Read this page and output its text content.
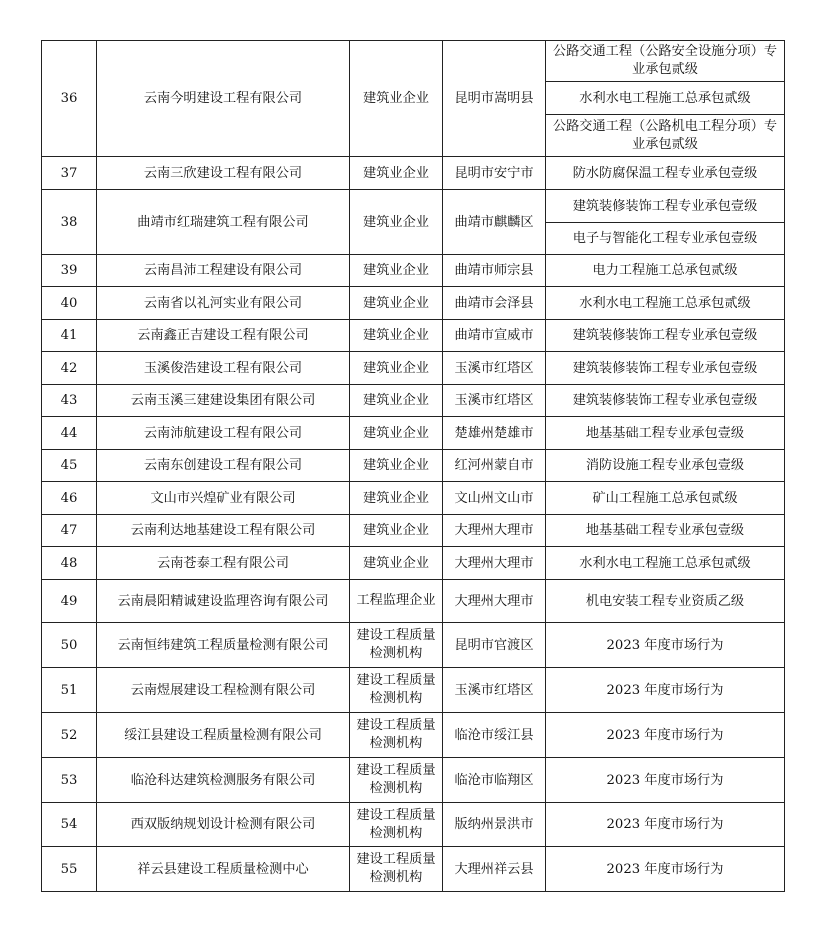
36	云南今明建设工程有限公司	建筑业企业	昆明市嵩明县	公路交通工程（公路安全设施分项）专业承包贰级
				水利水电工程施工总承包贰级
				公路交通工程（公路机电工程分项）专业承包贰级
37	云南三欣建设工程有限公司	建筑业企业	昆明市安宁市	防水防腐保温工程专业承包壹级
38	曲靖市红瑞建筑工程有限公司	建筑业企业	曲靖市麒麟区	建筑装修装饰工程专业承包壹级
				电子与智能化工程专业承包壹级
39	云南昌沛工程建设有限公司	建筑业企业	曲靖市师宗县	电力工程施工总承包贰级
40	云南省以礼河实业有限公司	建筑业企业	曲靖市会泽县	水利水电工程施工总承包贰级
41	云南鑫正吉建设工程有限公司	建筑业企业	曲靖市宣威市	建筑装修装饰工程专业承包壹级
42	玉溪俊浩建设工程有限公司	建筑业企业	玉溪市红塔区	建筑装修装饰工程专业承包壹级
43	云南玉溪三建建设集团有限公司	建筑业企业	玉溪市红塔区	建筑装修装饰工程专业承包壹级
44	云南沛航建设工程有限公司	建筑业企业	楚雄州楚雄市	地基基础工程专业承包壹级
45	云南东创建设工程有限公司	建筑业企业	红河州蒙自市	消防设施工程专业承包壹级
46	文山市兴煌矿业有限公司	建筑业企业	文山州文山市	矿山工程施工总承包贰级
47	云南利达地基建设工程有限公司	建筑业企业	大理州大理市	地基基础工程专业承包壹级
48	云南苍泰工程有限公司	建筑业企业	大理州大理市	水利水电工程施工总承包贰级
49	云南晨阳精诚建设监理咨询有限公司	工程监理企业	大理州大理市	机电安装工程专业资质乙级
50	云南恒纬建筑工程质量检测有限公司	建设工程质量检测机构	昆明市官渡区	2023 年度市场行为
51	云南煜展建设工程检测有限公司	建设工程质量检测机构	玉溪市红塔区	2023 年度市场行为
52	绥江县建设工程质量检测有限公司	建设工程质量检测机构	临沧市绥江县	2023 年度市场行为
53	临沧科达建筑检测服务有限公司	建设工程质量检测机构	临沧市临翔区	2023 年度市场行为
54	西双版纳规划设计检测有限公司	建设工程质量检测机构	版纳州景洪市	2023 年度市场行为
55	祥云县建设工程质量检测中心	建设工程质量检测机构	大理州祥云县	2023 年度市场行为
